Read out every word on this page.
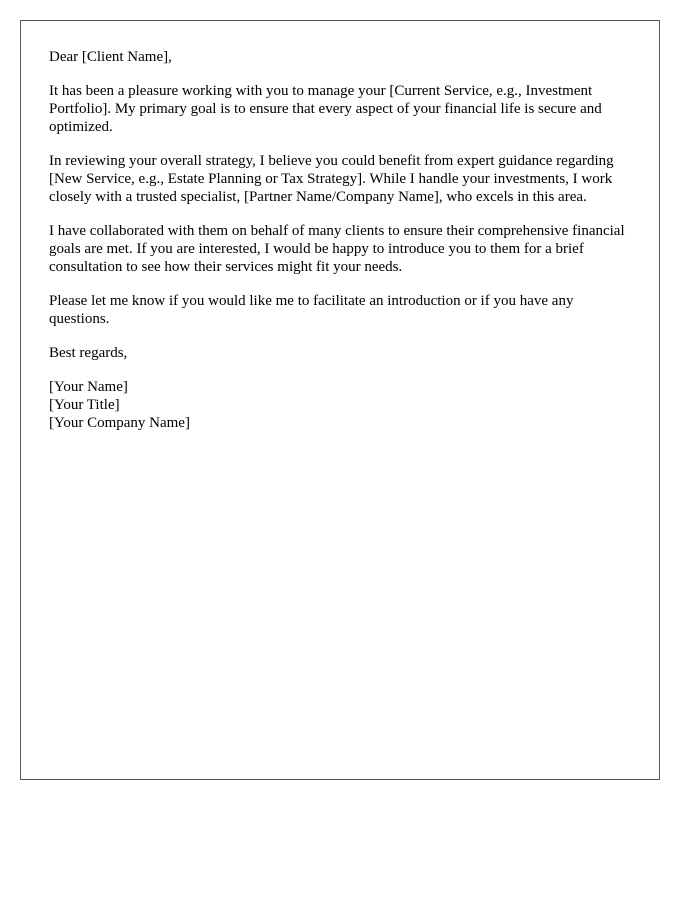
Dear [Client Name],

It has been a pleasure working with you to manage your [Current Service, e.g., Investment Portfolio]. My primary goal is to ensure that every aspect of your financial life is secure and optimized.

In reviewing your overall strategy, I believe you could benefit from expert guidance regarding [New Service, e.g., Estate Planning or Tax Strategy]. While I handle your investments, I work closely with a trusted specialist, [Partner Name/Company Name], who excels in this area.

I have collaborated with them on behalf of many clients to ensure their comprehensive financial goals are met. If you are interested, I would be happy to introduce you to them for a brief consultation to see how their services might fit your needs.

Please let me know if you would like me to facilitate an introduction or if you have any questions.

Best regards,

[Your Name]

[Your Title]

[Your Company Name]
